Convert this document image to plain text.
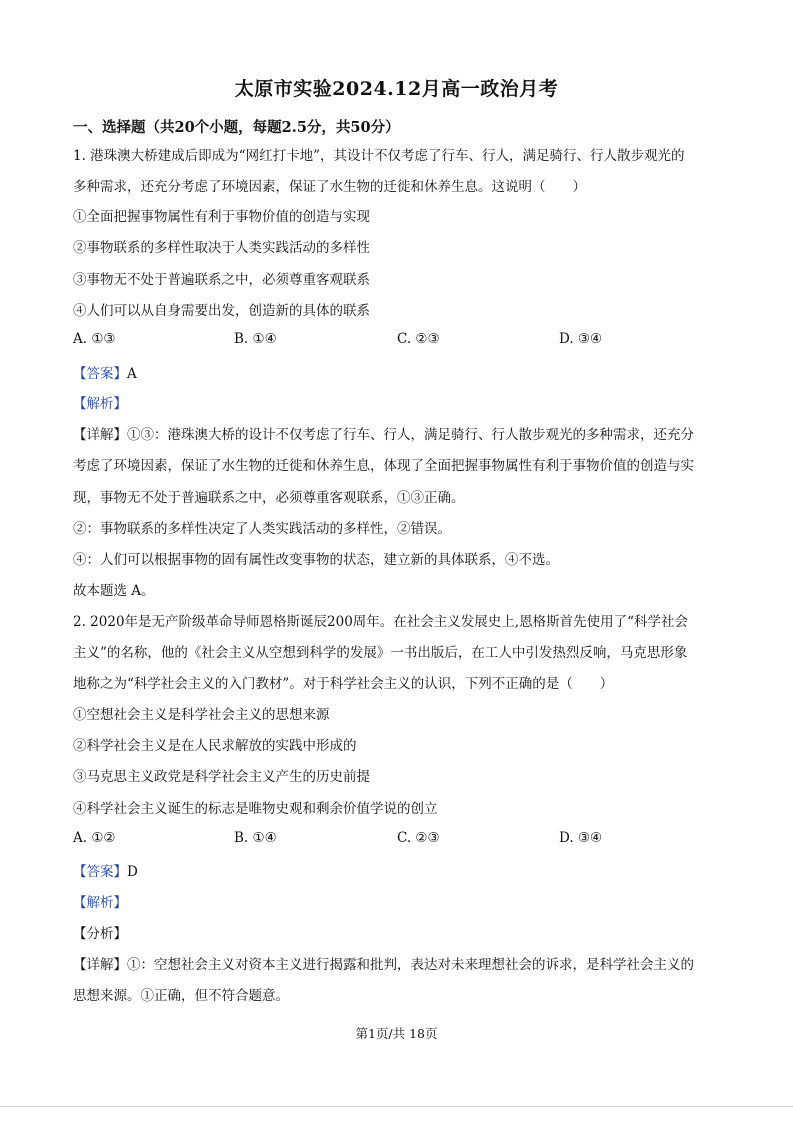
太原市实验2024.12月高一政治月考
一、选择题（共20个小题，每题2.5分，共50分）
1. 港珠澳大桥建成后即成为“网红打卡地”，其设计不仅考虑了行车、行人，满足骑行、行人散步观光的
多种需求，还充分考虑了环境因素，保证了水生物的迁徙和休养生息。这说明（　　）
①全面把握事物属性有利于事物价值的创造与实现
②事物联系的多样性取决于人类实践活动的多样性
③事物无不处于普遍联系之中，必须尊重客观联系
④人们可以从自身需要出发，创造新的具体的联系
A. ①③	B. ①④	C. ②③	D. ③④
【答案】A
【解析】
【详解】①③：港珠澳大桥的设计不仅考虑了行车、行人，满足骑行、行人散步观光的多种需求，还充分
考虑了环境因素，保证了水生物的迁徙和休养生息，体现了全面把握事物属性有利于事物价值的创造与实
现，事物无不处于普遍联系之中，必须尊重客观联系，①③正确。
②：事物联系的多样性决定了人类实践活动的多样性，②错误。
④：人们可以根据事物的固有属性改变事物的状态，建立新的具体联系，④不选。
故本题选 A。
2. 2020年是无产阶级革命导师恩格斯诞辰200周年。在社会主义发展史上,恩格斯首先使用了“科学社会
主义”的名称，他的《社会主义从空想到科学的发展》一书出版后，在工人中引发热烈反响，马克思形象
地称之为“科学社会主义的入门教材”。对于科学社会主义的认识，下列不正确的是（　　）
①空想社会主义是科学社会主义的思想来源
②科学社会主义是在人民求解放的实践中形成的
③马克思主义政党是科学社会主义产生的历史前提
④科学社会主义诞生的标志是唯物史观和剩余价值学说的创立
A. ①②	B. ①④	C. ②③	D. ③④
【答案】D
【解析】
【分析】
【详解】①：空想社会主义对资本主义进行揭露和批判，表达对未来理想社会的诉求，是科学社会主义的
思想来源。①正确，但不符合题意。
第1页/共 18页
